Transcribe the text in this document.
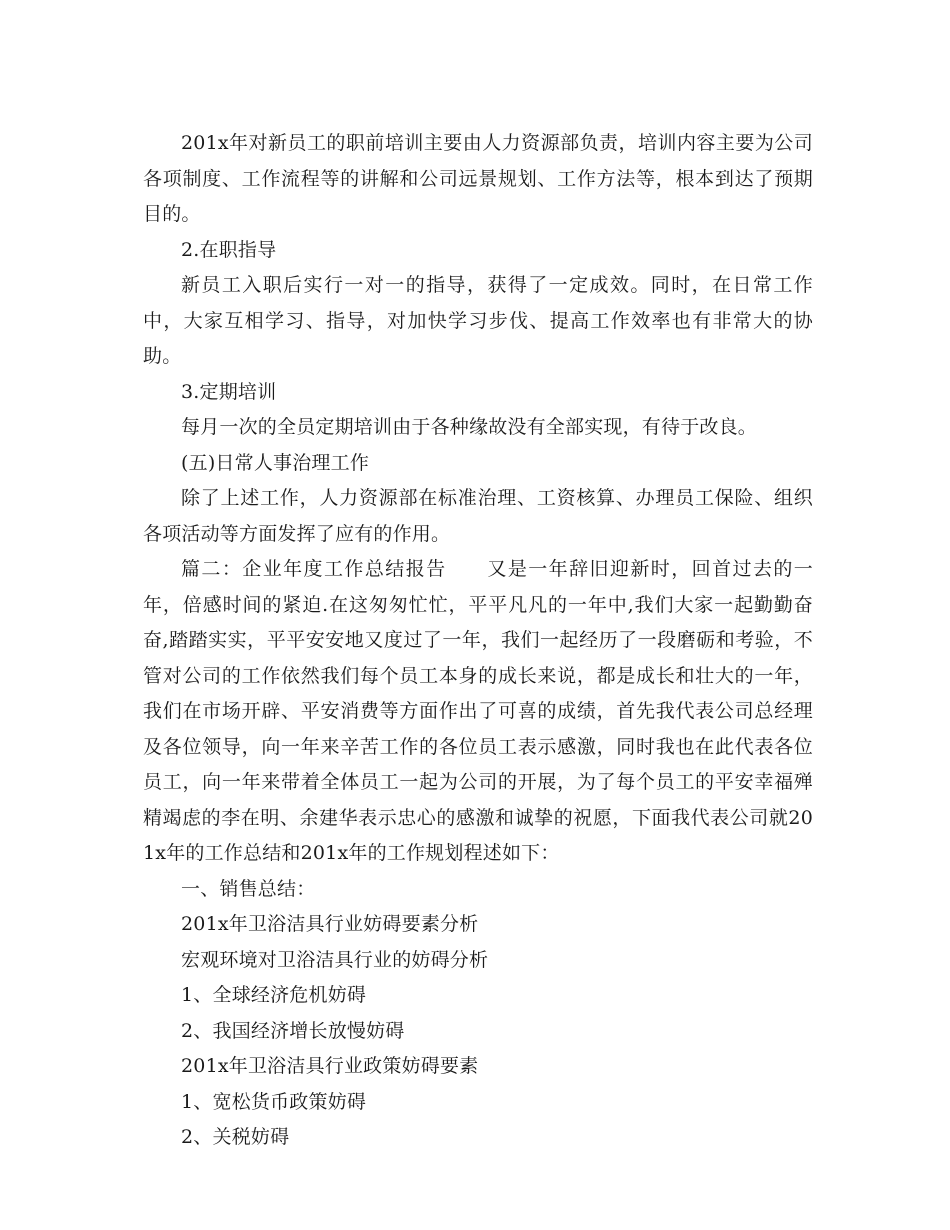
201x年对新员工的职前培训主要由人力资源部负责，培训内容主要为公司各项制度、工作流程等的讲解和公司远景规划、工作方法等，根本到达了预期目的。

2.在职指导

新员工入职后实行一对一的指导，获得了一定成效。同时，在日常工作中，大家互相学习、指导，对加快学习步伐、提高工作效率也有非常大的协助。

3.定期培训

每月一次的全员定期培训由于各种缘故没有全部实现，有待于改良。

(五)日常人事治理工作

除了上述工作，人力资源部在标准治理、工资核算、办理员工保险、组织各项活动等方面发挥了应有的作用。

篇二：企业年度工作总结报告　　又是一年辞旧迎新时，回首过去的一年，倍感时间的紧迫.在这匆匆忙忙，平平凡凡的一年中,我们大家一起勤勤奋奋,踏踏实实，平平安安地又度过了一年，我们一起经历了一段磨砺和考验，不管对公司的工作依然我们每个员工本身的成长来说，都是成长和壮大的一年，我们在市场开辟、平安消费等方面作出了可喜的成绩，首先我代表公司总经理及各位领导，向一年来辛苦工作的各位员工表示感激，同时我也在此代表各位员工，向一年来带着全体员工一起为公司的开展，为了每个员工的平安幸福殚精竭虑的李在明、余建华表示忠心的感激和诚挚的祝愿，下面我代表公司就201x年的工作总结和201x年的工作规划程述如下：

一、销售总结：

201x年卫浴洁具行业妨碍要素分析

宏观环境对卫浴洁具行业的妨碍分析

1、全球经济危机妨碍

2、我国经济增长放慢妨碍

201x年卫浴洁具行业政策妨碍要素

1、宽松货币政策妨碍

2、关税妨碍
